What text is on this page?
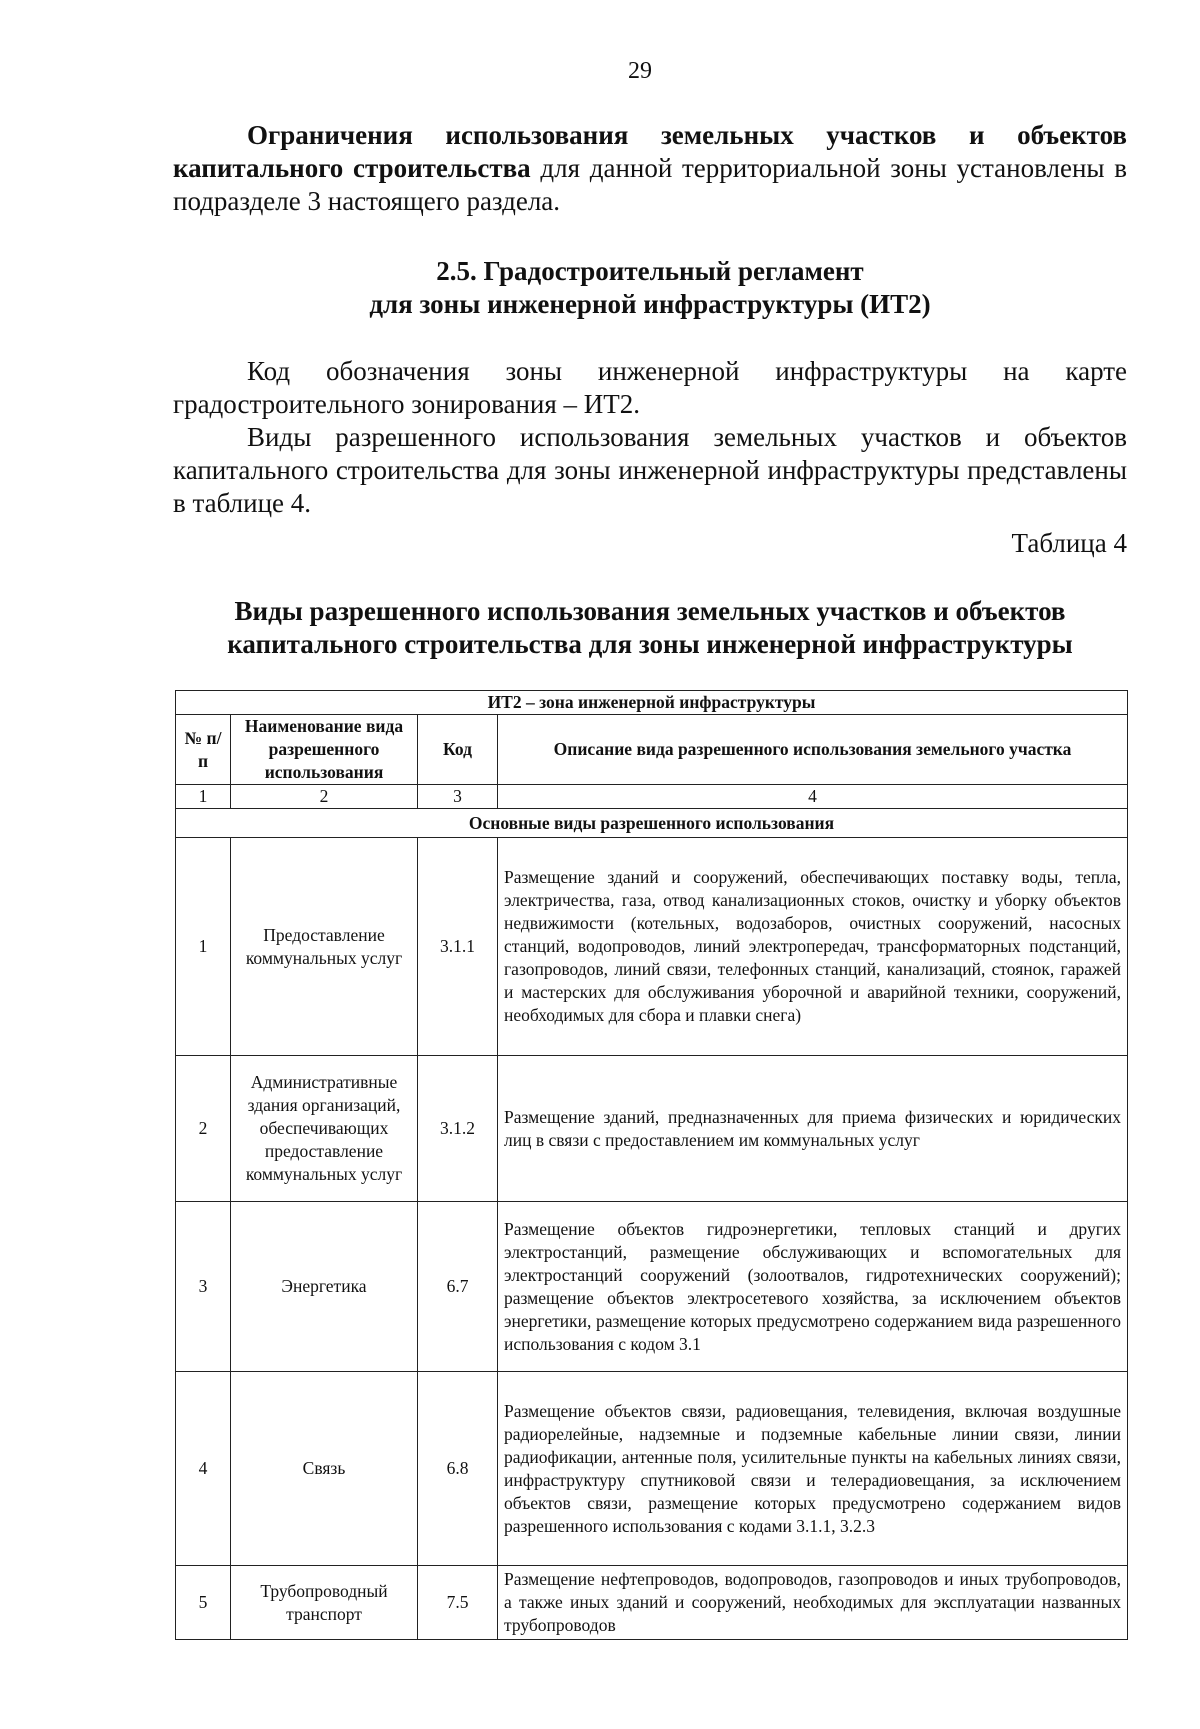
29
Ограничения использования земельных участков и объектов капитального строительства для данной территориальной зоны установлены в подразделе 3 настоящего раздела.
2.5. Градостроительный регламент
для зоны инженерной инфраструктуры (ИТ2)

Код обозначения зоны инженерной инфраструктуры на карте градостроительного зонирования – ИТ2.

Виды разрешенного использования земельных участков и объектов капитального строительства для зоны инженерной инфраструктуры представлены в таблице 4.

Таблица 4
Виды разрешенного использования земельных участков и объектов
капитального строительства для зоны инженерной инфраструктуры
ИТ2 – зона инженерной инфраструктуры			
№ п/п	Наименование вида разрешенного использования	Код	Описание вида разрешенного использования земельного участка
1	2	3	4
Основные виды разрешенного использования			
1	Предоставление коммунальных услуг	3.1.1	Размещение зданий и сооружений, обеспечивающих поставку воды, тепла, электричества, газа, отвод канализационных стоков, очистку и уборку объектов недвижимости (котельных, водозаборов, очистных сооружений, насосных станций, водопроводов, линий электропередач, трансформаторных подстанций, газопроводов, линий связи, телефонных станций, канализаций, стоянок, гаражей и мастерских для обслуживания уборочной и аварийной техники, сооружений, необходимых для сбора и плавки снега)
2	Административные здания организаций, обеспечивающих предоставление коммунальных услуг	3.1.2	Размещение зданий, предназначенных для приема физических и юридических лиц в связи с предоставлением им коммунальных услуг
3	Энергетика	6.7	Размещение объектов гидроэнергетики, тепловых станций и других электростанций, размещение обслуживающих и вспомогательных для электростанций сооружений (золоотвалов, гидротехнических сооружений); размещение объектов электросетевого хозяйства, за исключением объектов энергетики, размещение которых предусмотрено содержанием вида разрешенного использования с кодом 3.1
4	Связь	6.8	Размещение объектов связи, радиовещания, телевидения, включая воздушные радиорелейные, надземные и подземные кабельные линии связи, линии радиофикации, антенные поля, усилительные пункты на кабельных линиях связи, инфраструктуру спутниковой связи и телерадиовещания, за исключением объектов связи, размещение которых предусмотрено содержанием видов разрешенного использования с кодами 3.1.1, 3.2.3
5	Трубопроводный транспорт	7.5	Размещение нефтепроводов, водопроводов, газопроводов и иных трубопроводов, а также иных зданий и сооружений, необходимых для эксплуатации названных трубопроводов
